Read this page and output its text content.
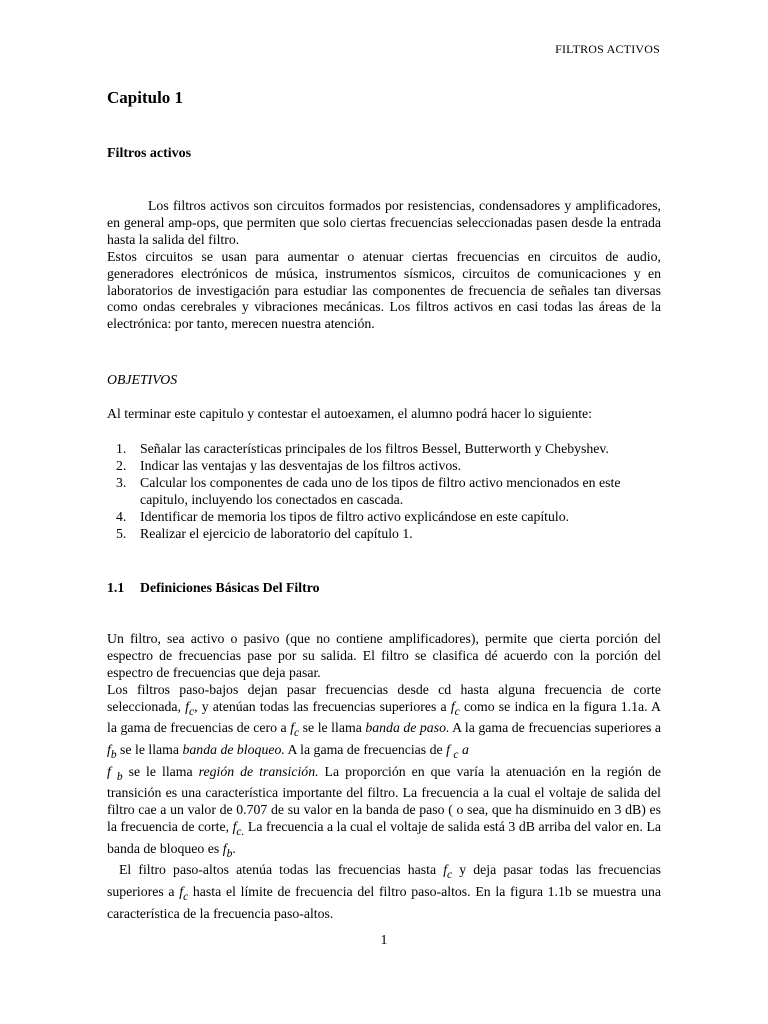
FILTROS ACTIVOS
Capitulo 1
Filtros activos

Los filtros activos son circuitos formados por resistencias, condensadores y amplificadores, en general amp-ops, que permiten que solo ciertas frecuencias seleccionadas pasen desde la entrada hasta la salida del filtro.

Estos circuitos se usan para aumentar o atenuar ciertas frecuencias en circuitos de audio, generadores electrónicos de música, instrumentos sísmicos, circuitos de comunicaciones y en laboratorios de investigación para estudiar las componentes de frecuencia de señales tan diversas como ondas cerebrales y vibraciones mecánicas. Los filtros activos en casi todas las áreas de la electrónica: por tanto, merecen nuestra atención.

OBJETIVOS
Al terminar este capitulo y contestar el autoexamen, el alumno podrá hacer lo siguiente:
1. Señalar las características principales de los filtros Bessel, Butterworth y Chebyshev.
2. Indicar las ventajas y las desventajas de los filtros activos.
3. Calcular los componentes de cada uno de los tipos de filtro activo mencionados en este capitulo, incluyendo los conectados en cascada.
4. Identificar de memoria los tipos de filtro activo explicándose en este capítulo.
5. Realizar el ejercicio de laboratorio del capítulo 1.
1.1 Definiciones Básicas Del Filtro

Un filtro, sea activo o pasivo (que no contiene amplificadores), permite que cierta porción del espectro de frecuencias pase por su salida. El filtro se clasifica dé acuerdo con la porción del espectro de frecuencias que deja pasar.

Los filtros paso-bajos dejan pasar frecuencias desde cd hasta alguna frecuencia de corte seleccionada, $f_c$, y atenúan todas las frecuencias superiores a $f_c$ como se indica en la figura 1.1a. A la gama de frecuencias de cero a $f_c$ se le llama banda de paso. A la gama de frecuencias superiores a $f_b$ se le llama banda de bloqueo. A la gama de frecuencias de f $_c$ a
f $_b$ se le llama región de transición. La proporción en que varía la atenuación en la región de transición es una característica importante del filtro. La frecuencia a la cual el voltaje de salida del filtro cae a un valor de 0.707 de su valor en la banda de paso ( o sea, que ha disminuido en 3 dB) es la frecuencia de corte, $f_{c.}$ La frecuencia a la cual el voltaje de salida está 3 dB arriba del valor en. La banda de bloqueo es $f_b$.

El filtro paso-altos atenúa todas las frecuencias hasta $f_c$ y deja pasar todas las frecuencias superiores a $f_c$ hasta el límite de frecuencia del filtro paso-altos. En la figura 1.1b se muestra una característica de la frecuencia paso-altos.

1
